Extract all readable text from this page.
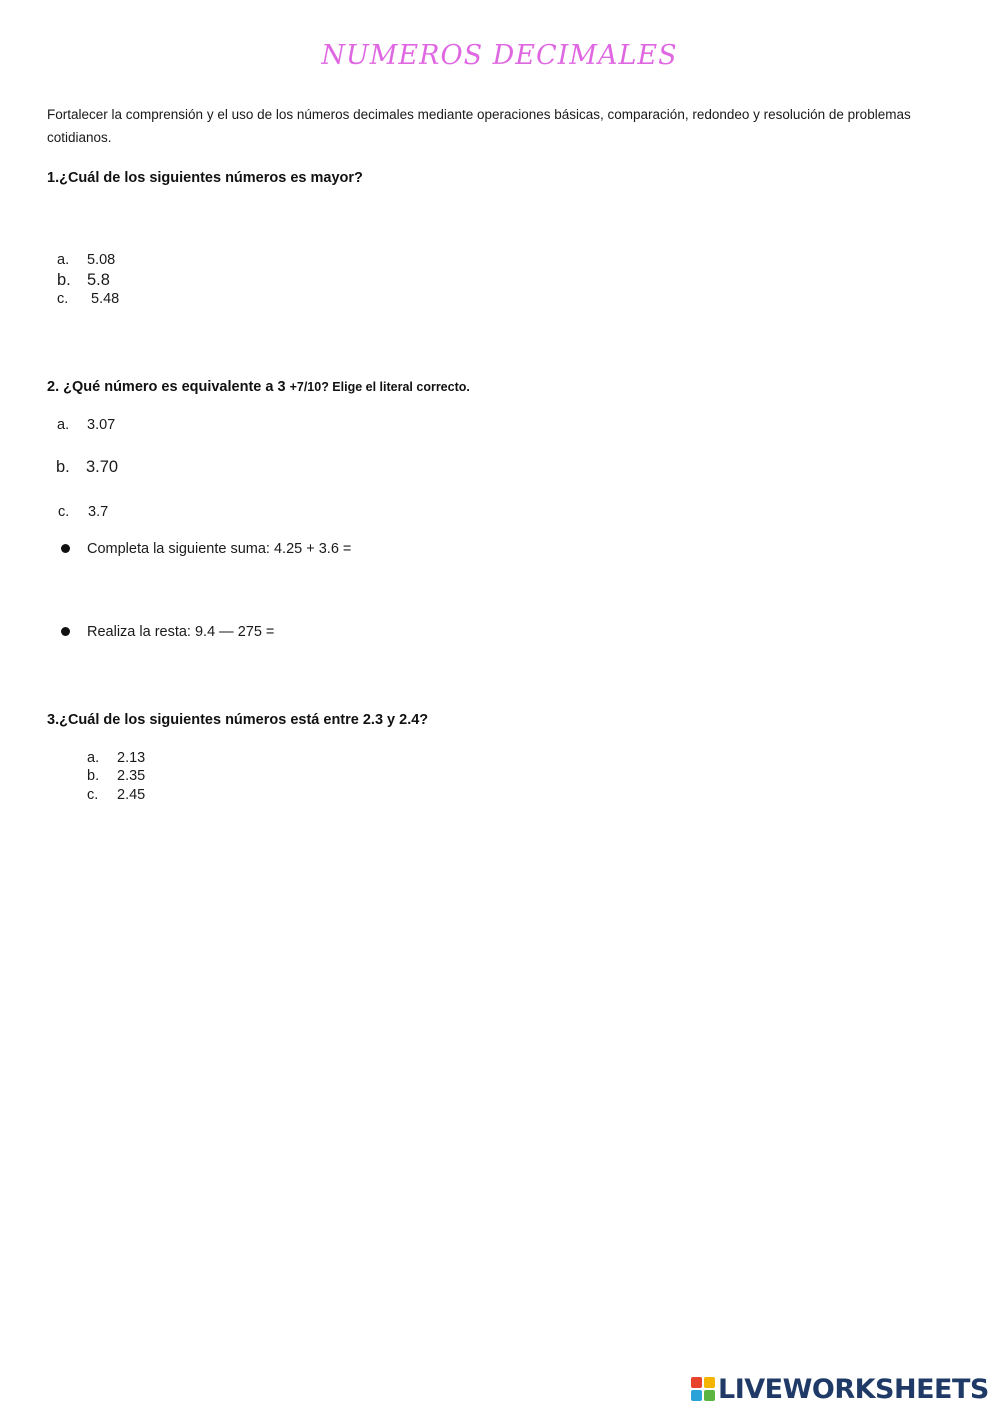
NUMEROS DECIMALES
Fortalecer la comprensión y el uso de los números decimales mediante operaciones básicas, comparación, redondeo y resolución de problemas cotidianos.
1.¿Cuál de los siguientes números es mayor?
a. 5.08
b. 5.8
c. 5.48
2. ¿Qué número es equivalente a 3 +7/10? Elige el literal correcto.
a. 3.07
b. 3.70
c. 3.7
Completa la siguiente suma: 4.25 + 3.6 =
Realiza la resta: 9.4 — 275 =
3.¿Cuál de los siguientes números está entre 2.3 y 2.4?
a. 2.13
b. 2.35
c. 2.45
LIVEWORKSHEETS
